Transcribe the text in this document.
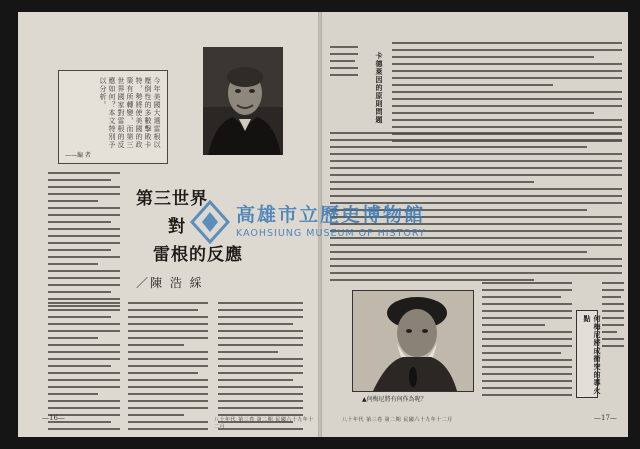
今年美國大選雷根以壓倒性的多數擊敗卡特，勢將使美國的政策有所轉變，而第三世界國家對雷根的反應如何？本文特別予以分析。
——編 者
第三世界
對
雷根的反應
／陳 浩 綵
—16—	八十年代 第三卷 第二期 民國六十九年十二月
卡德萊因的原則問題
▲何梅尼將有何作為呢？
何梅尼將成衝突的導火點
八十年代 第三卷 第二期 民國六十九年十二月	—17—
高雄市立歷史博物館
KAOHSIUNG MUSEUM OF HISTORY
